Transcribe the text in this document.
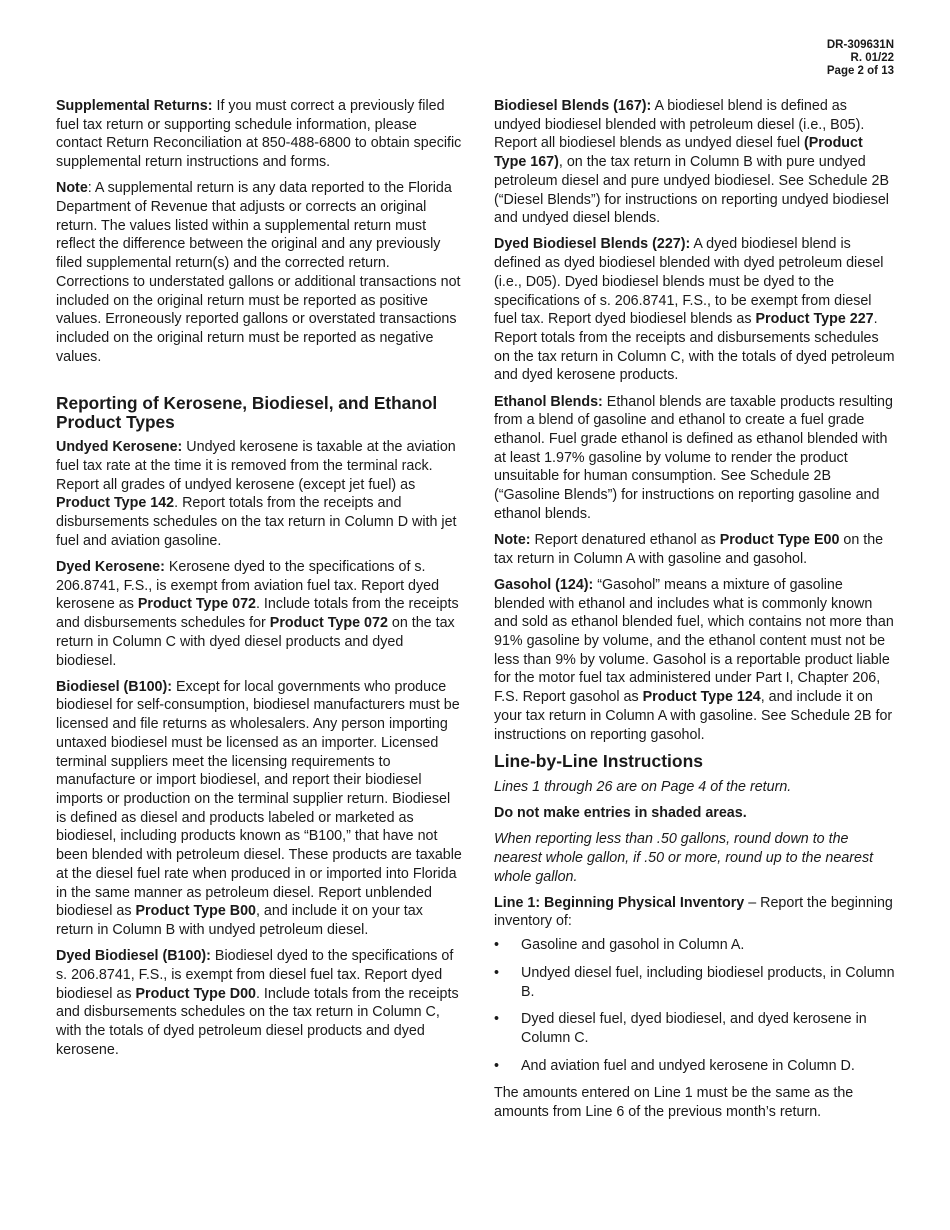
DR-309631N
R. 01/22
Page 2 of 13

Supplemental Returns: If you must correct a previously filed fuel tax return or supporting schedule information, please contact Return Reconciliation at 850-488-6800 to obtain specific supplemental return instructions and forms.

Note: A supplemental return is any data reported to the Florida Department of Revenue that adjusts or corrects an original return. The values listed within a supplemental return must reflect the difference between the original and any previously filed supplemental return(s) and the corrected return. Corrections to understated gallons or additional transactions not included on the original return must be reported as positive values. Erroneously reported gallons or overstated transactions included on the original return must be reported as negative values.

Reporting of Kerosene, Biodiesel, and Ethanol Product Types

Undyed Kerosene: Undyed kerosene is taxable at the aviation fuel tax rate at the time it is removed from the terminal rack. Report all grades of undyed kerosene (except jet fuel) as Product Type 142. Report totals from the receipts and disbursements schedules on the tax return in Column D with jet fuel and aviation gasoline.

Dyed Kerosene: Kerosene dyed to the specifications of s. 206.8741, F.S., is exempt from aviation fuel tax. Report dyed kerosene as Product Type 072. Include totals from the receipts and disbursements schedules for Product Type 072 on the tax return in Column C with dyed diesel products and dyed biodiesel.

Biodiesel (B100): Except for local governments who produce biodiesel for self-consumption, biodiesel manufacturers must be licensed and file returns as wholesalers. Any person importing untaxed biodiesel must be licensed as an importer. Licensed terminal suppliers meet the licensing requirements to manufacture or import biodiesel, and report their biodiesel imports or production on the terminal supplier return. Biodiesel is defined as diesel and products labeled or marketed as biodiesel, including products known as “B100,” that have not been blended with petroleum diesel. These products are taxable at the diesel fuel rate when produced in or imported into Florida in the same manner as petroleum diesel. Report unblended biodiesel as Product Type B00, and include it on your tax return in Column B with undyed petroleum diesel.

Dyed Biodiesel (B100): Biodiesel dyed to the specifications of s. 206.8741, F.S., is exempt from diesel fuel tax. Report dyed biodiesel as Product Type D00. Include totals from the receipts and disbursements schedules on the tax return in Column C, with the totals of dyed petroleum diesel products and dyed kerosene.

Biodiesel Blends (167): A biodiesel blend is defined as undyed biodiesel blended with petroleum diesel (i.e., B05). Report all biodiesel blends as undyed diesel fuel (Product Type 167), on the tax return in Column B with pure undyed petroleum diesel and pure undyed biodiesel. See Schedule 2B (“Diesel Blends”) for instructions on reporting undyed biodiesel and undyed diesel blends.

Dyed Biodiesel Blends (227): A dyed biodiesel blend is defined as dyed biodiesel blended with dyed petroleum diesel (i.e., D05). Dyed biodiesel blends must be dyed to the specifications of s. 206.8741, F.S., to be exempt from diesel fuel tax. Report dyed biodiesel blends as Product Type 227. Report totals from the receipts and disbursements schedules on the tax return in Column C, with the totals of dyed petroleum and dyed kerosene products.

Ethanol Blends: Ethanol blends are taxable products resulting from a blend of gasoline and ethanol to create a fuel grade ethanol. Fuel grade ethanol is defined as ethanol blended with at least 1.97% gasoline by volume to render the product unsuitable for human consumption. See Schedule 2B (“Gasoline Blends”) for instructions on reporting gasoline and ethanol blends.

Note: Report denatured ethanol as Product Type E00 on the tax return in Column A with gasoline and gasohol.

Gasohol (124): “Gasohol” means a mixture of gasoline blended with ethanol and includes what is commonly known and sold as ethanol blended fuel, which contains not more than 91% gasoline by volume, and the ethanol content must not be less than 9% by volume. Gasohol is a reportable product liable for the motor fuel tax administered under Part I, Chapter 206, F.S. Report gasohol as Product Type 124, and include it on your tax return in Column A with gasoline. See Schedule 2B for instructions on reporting gasohol.

Line-by-Line Instructions

Lines 1 through 26 are on Page 4 of the return.

Do not make entries in shaded areas.

When reporting less than .50 gallons, round down to the nearest whole gallon, if .50 or more, round up to the nearest whole gallon.

Line 1: Beginning Physical Inventory – Report the beginning inventory of:

• Gasoline and gasohol in Column A.
• Undyed diesel fuel, including biodiesel products, in Column B.
• Dyed diesel fuel, dyed biodiesel, and dyed kerosene in Column C.
• And aviation fuel and undyed kerosene in Column D.

The amounts entered on Line 1 must be the same as the amounts from Line 6 of the previous month’s return.
